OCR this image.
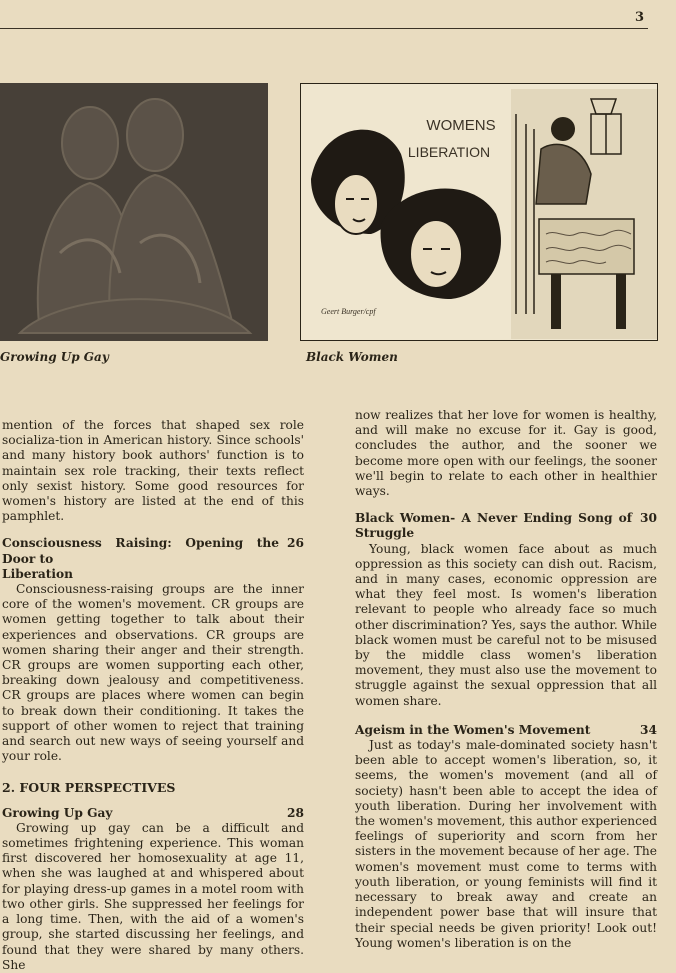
3
Growing Up Gay
WOMENS
LIBERATION
Geert Burger/cpf
Black Women

mention of the forces that shaped sex role socializa-tion in American history. Since schools' and many history book authors' function is to maintain sex role tracking, their texts reflect only sexist history. Some good resources for women's history are listed at the end of this pamphlet.

Consciousness Raising: Opening the Door to
26

Liberation

Consciousness-raising groups are the inner core of the women's movement. CR groups are women getting together to talk about their experiences and observations. CR groups are women sharing their anger and their strength. CR groups are women supporting each other, breaking down jealousy and competitiveness. CR groups are places where women can begin to break down their conditioning. It takes the support of other women to reject that training and search out new ways of seeing yourself and your role.

2. FOUR PERSPECTIVES

Growing Up Gay	28

Growing up gay can be a difficult and sometimes frightening experience. This woman first discovered her homosexuality at age 11, when she was laughed at and whispered about for playing dress-up games in a motel room with two other girls. She suppressed her feelings for a long time. Then, with the aid of a women's group, she started discussing her feelings, and found that they were shared by many others. She

now realizes that her love for women is healthy, and will make no excuse for it. Gay is good, concludes the author, and the sooner we become more open with our feelings, the sooner we'll begin to relate to each other in healthier ways.

Black Women- A Never Ending Song of Struggle
30

Young, black women face about as much oppression as this society can dish out. Racism, and in many cases, economic oppression are what they feel most. Is women's liberation relevant to people who already face so much other discrimination? Yes, says the author. While black women must be careful not to be misused by the middle class women's liberation movement, they must also use the movement to struggle against the sexual oppression that all women share.

Ageism in the Women's Movement	34

Just as today's male-dominated society hasn't been able to accept women's liberation, so, it seems, the women's movement (and all of society) hasn't been able to accept the idea of youth liberation. During her involvement with the women's movement, this author experienced feelings of superiority and scorn from her sisters in the movement because of her age. The women's movement must come to terms with youth liberation, or young feminists will find it necessary to break away and create an independent power base that will insure that their special needs be given priority! Look out! Young women's liberation is on the
